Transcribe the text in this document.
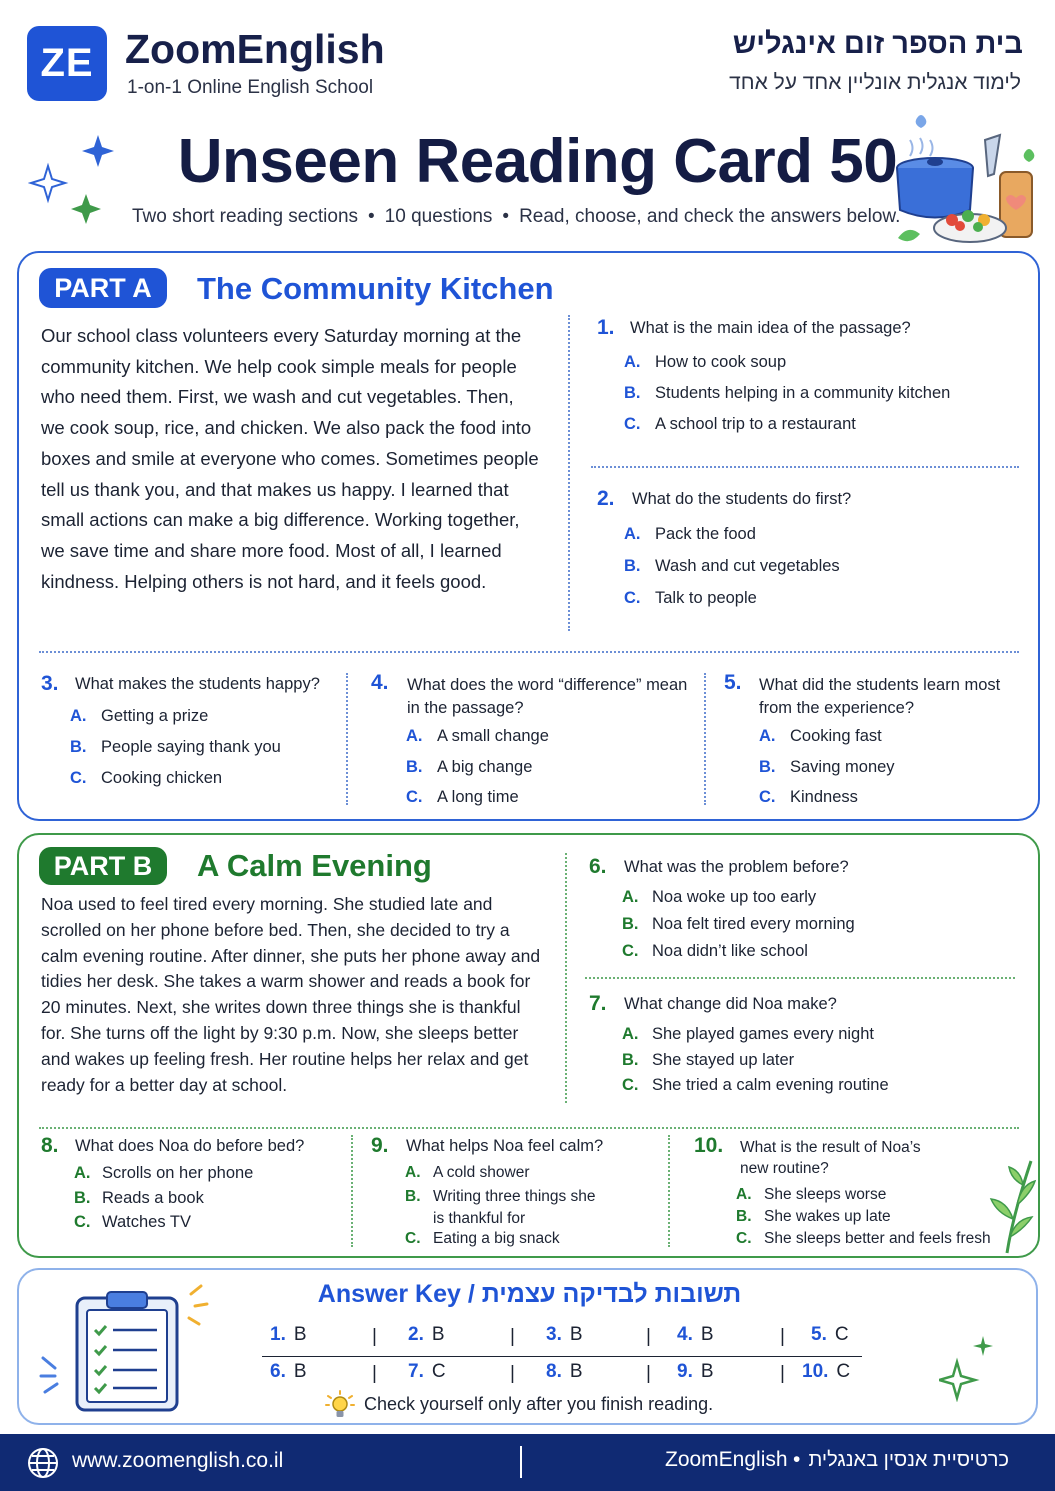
ZE ZoomEnglish
1-on-1 Online English School
בית הספר זום אינגליש
לימוד אנגלית אונליין אחד על אחד
Unseen Reading Card 50
Two short reading sections • 10 questions • Read, choose, and check the answers below.
PART A	The Community Kitchen
Our school class volunteers every Saturday morning at the community kitchen. We help cook simple meals for people who need them. First, we wash and cut vegetables. Then, we cook soup, rice, and chicken. We also pack the food into boxes and smile at everyone who comes. Sometimes people tell us thank you, and that makes us happy. I learned that small actions can make a big difference. Working together, we save time and share more food. Most of all, I learned kindness. Helping others is not hard, and it feels good.
1. What is the main idea of the passage?
A. How to cook soup
B. Students helping in a community kitchen
C. A school trip to a restaurant
2. What do the students do first?
A. Pack the food
B. Wash and cut vegetables
C. Talk to people
3. What makes the students happy?
A. Getting a prize
B. People saying thank you
C. Cooking chicken
4. What does the word “difference” mean in the passage?
A. A small change
B. A big change
C. A long time
5. What did the students learn most from the experience?
A. Cooking fast
B. Saving money
C. Kindness
PART B	A Calm Evening
Noa used to feel tired every morning. She studied late and scrolled on her phone before bed. Then, she decided to try a calm evening routine. After dinner, she puts her phone away and tidies her desk. She takes a warm shower and reads a book for 20 minutes. Next, she writes down three things she is thankful for. She turns off the light by 9:30 p.m. Now, she sleeps better and wakes up feeling fresh. Her routine helps her relax and get ready for a better day at school.
6. What was the problem before?
A. Noa woke up too early
B. Noa felt tired every morning
C. Noa didn’t like school
7. What change did Noa make?
A. She played games every night
B. She stayed up later
C. She tried a calm evening routine
8. What does Noa do before bed?
A. Scrolls on her phone
B. Reads a book
C. Watches TV
9. What helps Noa feel calm?
A. A cold shower
B. Writing three things she is thankful for
C. Eating a big snack
10. What is the result of Noa’s new routine?
A. She sleeps worse
B. She wakes up late
C. She sleeps better and feels fresh
Answer Key / תשובות לבדיקה עצמית
1. B	| 2. B	| 3. B	| 4. B	| 5. C
6. B	| 7. C	| 8. B	| 9. B	| 10. C
Check yourself only after you finish reading.
www.zoomenglish.co.il	ZoomEnglish • כרטיסיית אנסין באנגלית
